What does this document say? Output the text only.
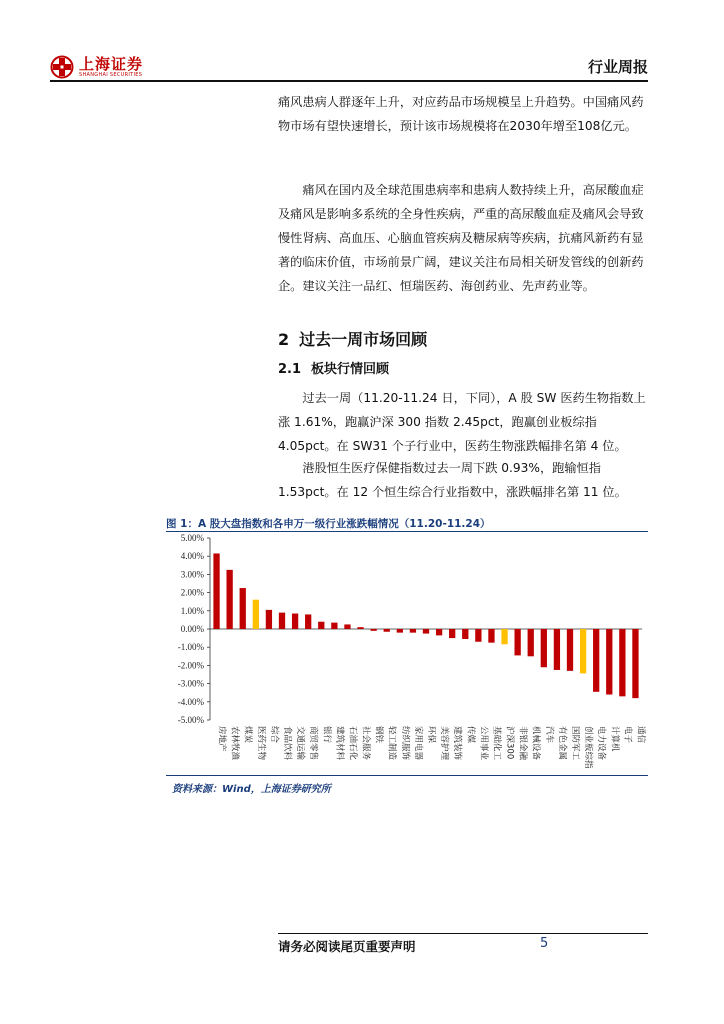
上海证券
SHANGHAI SECURITIES	行业周报
痛风患病人群逐年上升，对应药品市场规模呈上升趋势。中国痛风药物市场有望快速增长，预计该市场规模将在2030年增至108亿元。
痛风在国内及全球范围患病率和患病人数持续上升，高尿酸血症及痛风是影响多系统的全身性疾病，严重的高尿酸血症及痛风会导致慢性肾病、高血压、心脑血管疾病及糖尿病等疾病，抗痛风新药有显著的临床价值，市场前景广阔，建议关注布局相关研发管线的创新药企。建议关注一品红、恒瑞医药、海创药业、先声药业等。
2 过去一周市场回顾
2.1 板块行情回顾
过去一周（11.20-11.24 日，下同），A 股 SW 医药生物指数上涨 1.61%，跑赢沪深 300 指数 2.45pct，跑赢创业板综指 4.05pct。在 SW31 个子行业中，医药生物涨跌幅排名第 4 位。
港股恒生医疗保健指数过去一周下跌 0.93%，跑输恒指 1.53pct。在 12 个恒生综合行业指数中，涨跌幅排名第 11 位。
图 1：A 股大盘指数和各申万一级行业涨跌幅情况（11.20-11.24）
5.00%
4.00%
3.00%
2.00%
1.00%
0.00%
-1.00%
-2.00%
-3.00%
-4.00%
-5.00%
房地产 农林牧渔 煤炭 医药生物 综合 食品饮料 交通运输 商贸零售 银行 建筑材料 石油石化 社会服务 钢铁 轻工制造 纺织服饰 家用电器 环保 美容护理 建筑装饰 传媒 公用事业 基础化工 沪深300 非银金融 机械设备 汽车 有色金属 国防军工 创业板综指 电力设备 计算机 电子 通信
资料来源：Wind，上海证券研究所
请务必阅读尾页重要声明	5
